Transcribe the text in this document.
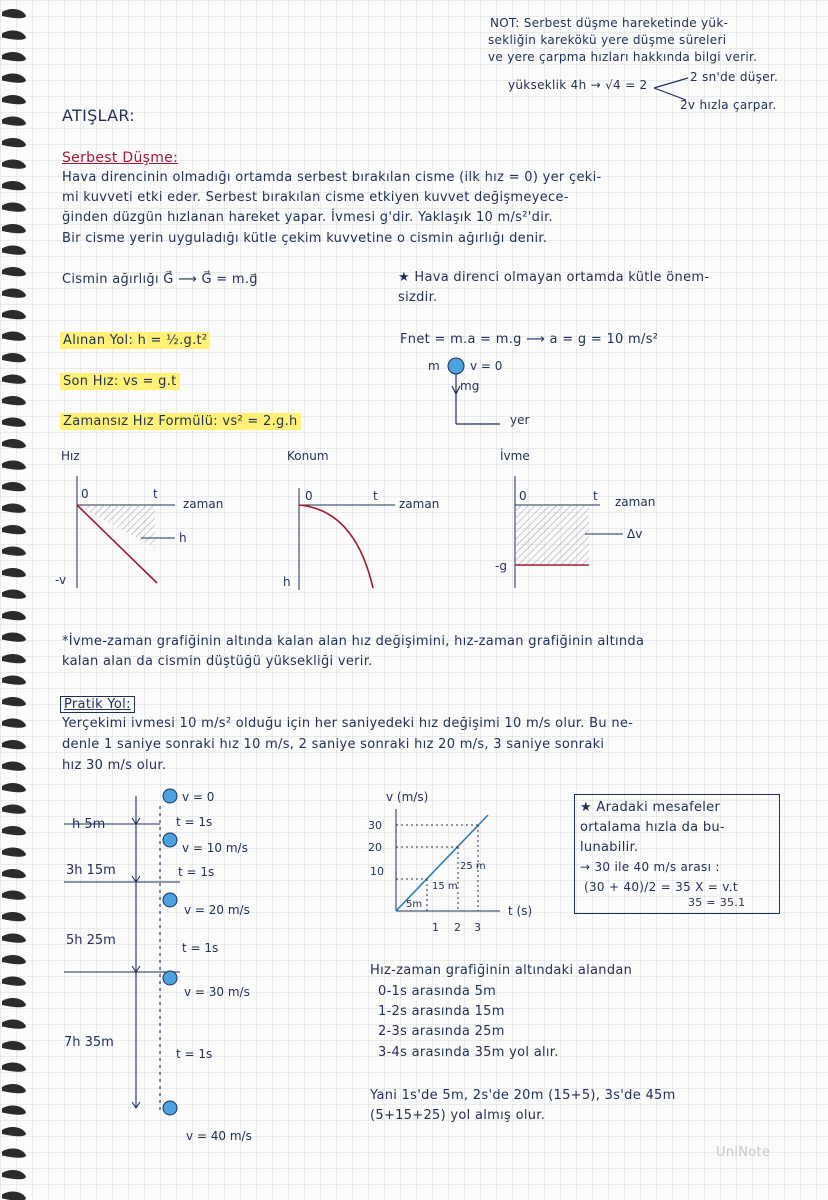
NOT: Serbest düşme hareketinde yük-
sekliğin karekökü yere düşme süreleri
ve yere çarpma hızları hakkında bilgi verir.
yükseklik 4h → √4 = 2
2 sn'de düşer.
2v hızla çarpar.
ATIŞLAR:
Serbest Düşme:
Hava direncinin olmadığı ortamda serbest bırakılan cisme (ilk hız = 0) yer çeki-
mi kuvveti etki eder. Serbest bırakılan cisme etkiyen kuvvet değişmeyece-
ğinden düzgün hızlanan hareket yapar. İvmesi g'dir. Yaklaşık 10 m/s²'dir.
Bir cisme yerin uyguladığı kütle çekim kuvvetine o cismin ağırlığı denir.
Cismin ağırlığı G⃗ ⟶ G⃗ = m.g⃗	★ Hava direnci olmayan ortamda kütle önem-
sizdir.
Fnet = m.a = m.g ⟶ a = g = 10 m/s²
Alınan Yol: h = ½.g.t²
Son Hız: vs = g.t
Zamansız Hız Formülü: vs² = 2.g.h
m	v = 0
mg
yer
Hız
0	t
zaman
-v
h
Konum
0	t
zaman
h
İvme
0	t zaman
-g
Δv
*İvme-zaman grafiğinin altında kalan alan hız değişimini, hız-zaman grafiğinin altında
kalan alan da cismin düştüğü yüksekliği verir.
Pratik Yol:
Yerçekimi ivmesi 10 m/s² olduğu için her saniyedeki hız değişimi 10 m/s olur. Bu ne-
denle 1 saniye sonraki hız 10 m/s, 2 saniye sonraki hız 20 m/s, 3 saniye sonraki
hız 30 m/s olur.
h 5m
3h 15m
5h 25m
7h 35m
v = 0
v = 10 m/s
v = 20 m/s
v = 30 m/s
v = 40 m/s
t = 1s
t = 1s
t = 1s
t = 1s
v (m/s)
30
20
10
1 2 3
t (s)
5m
15 m
25 m
★ Aradaki mesafeler
ortalama hızla da bu-
lunabilir.
→ 30 ile 40 m/s arası :
(30 + 40)/2 = 35 X = v.t
35 = 35.1
Hız-zaman grafiğinin altındaki alandan
0-1s arasında 5m
1-2s arasında 15m
2-3s arasında 25m
3-4s arasında 35m yol alır.
Yani 1s'de 5m, 2s'de 20m (15+5), 3s'de 45m
(5+15+25) yol almış olur.
UniNote
